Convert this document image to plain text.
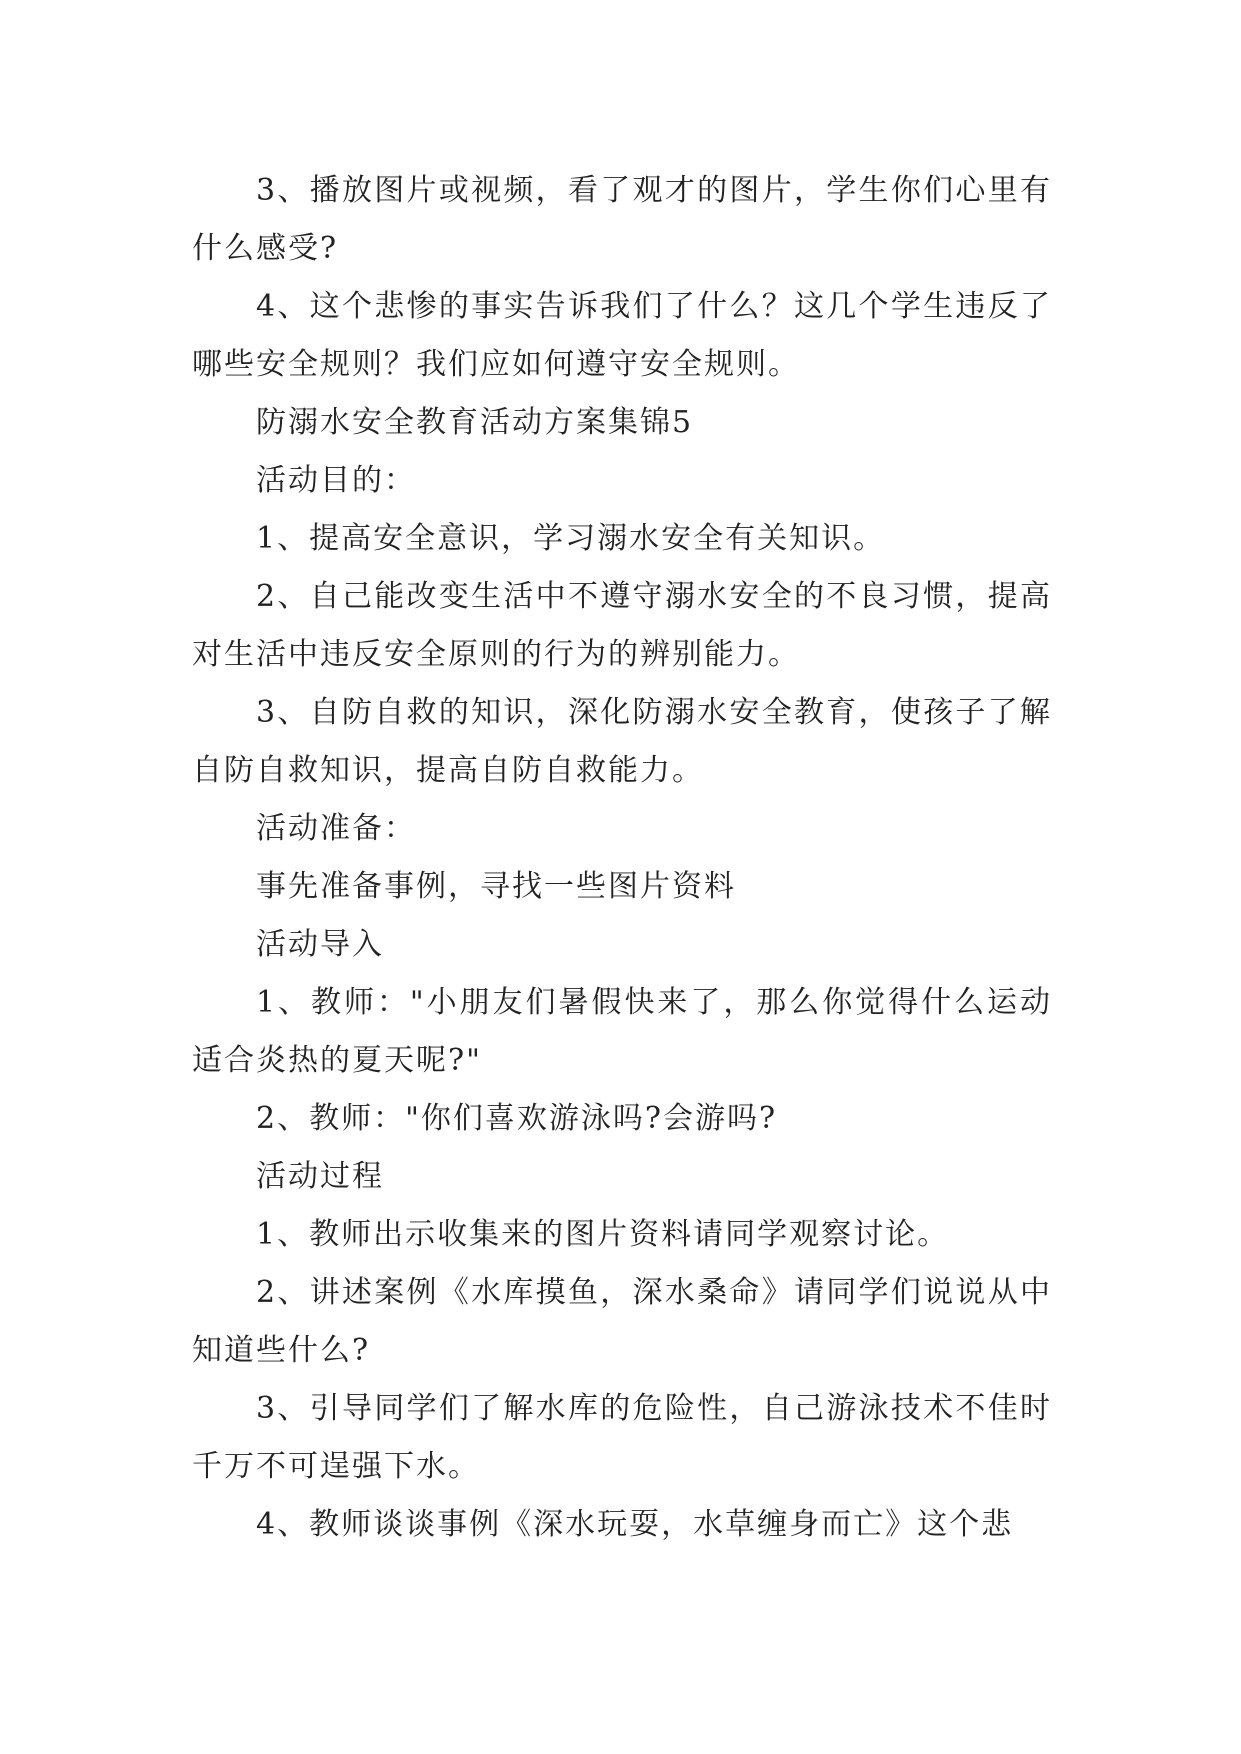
3、播放图片或视频，看了观才的图片，学生你们心里有什么感受?

4、这个悲惨的事实告诉我们了什么？这几个学生违反了哪些安全规则？我们应如何遵守安全规则。

防溺水安全教育活动方案集锦5

活动目的：

1、提高安全意识，学习溺水安全有关知识。

2、自己能改变生活中不遵守溺水安全的不良习惯，提高对生活中违反安全原则的行为的辨别能力。

3、自防自救的知识，深化防溺水安全教育，使孩子了解自防自救知识，提高自防自救能力。

活动准备：

事先准备事例，寻找一些图片资料

活动导入

1、教师："小朋友们暑假快来了，那么你觉得什么运动适合炎热的夏天呢?"

2、教师："你们喜欢游泳吗?会游吗?

活动过程

1、教师出示收集来的图片资料请同学观察讨论。

2、讲述案例《水库摸鱼，深水桑命》请同学们说说从中知道些什么?

3、引导同学们了解水库的危险性，自己游泳技术不佳时千万不可逞强下水。

4、教师谈谈事例《深水玩耍，水草缠身而亡》这个悲
